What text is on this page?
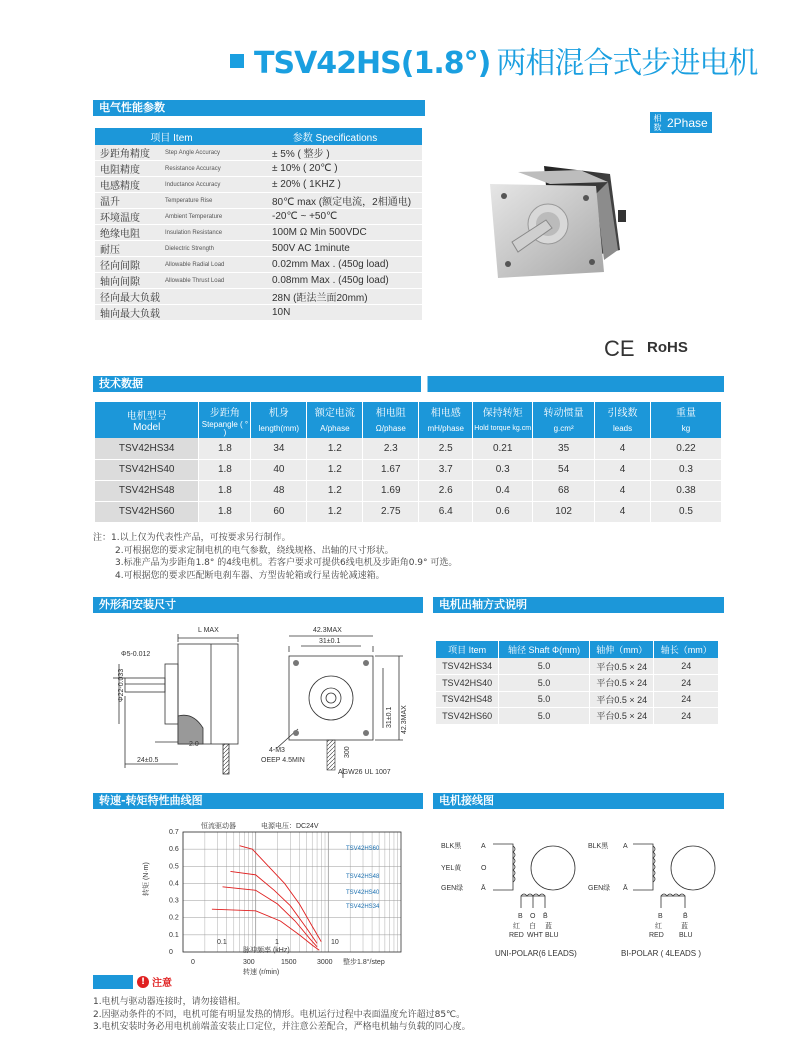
TSV42HS(1.8°) 两相混合式步进电机
电气性能参数
项目 Item		参数 Specifications
步距角精度	Step Angle Accuracy	± 5% ( 整步 )
电阻精度	Resistance Accuracy	± 10% ( 20℃ )
电感精度	Inductance Accuracy	± 20% ( 1KHZ )
温升	Temperature Rise	80℃ max (额定电流，2相通电)
环境温度	Ambient Temperature	-20℃ ~ +50℃
绝缘电阻	Insulation Resistance	100M Ω Min 500VDC
耐压	Dielectric Strength	500V AC 1minute
径向间隙	Allowable Radial Load	0.02mm Max . (450g load)
轴向间隙	Allowable Thrust Load	0.08mm Max . (450g load)
径向最大负载		28N (距法兰面20mm)
轴向最大负载		10N
相数 2Phase
CE RoHS
技术数据
电机型号
Model	步距角	机身	额定电流	相电阻	相电感	保持转矩	转动惯量	引线数	重量
	Stepangle ( ° )	length(mm)	A/phase	Ω/phase	mH/phase	Hold torque kg.cm	g.cm²	leads	kg
TSV42HS34	1.8	34	1.2	2.3	2.5	0.21	35	4	0.22
TSV42HS40	1.8	40	1.2	1.67	3.7	0.3	54	4	0.3
TSV42HS48	1.8	48	1.2	1.69	2.6	0.4	68	4	0.38
TSV42HS60	1.8	60	1.2	2.75	6.4	0.6	102	4	0.5
注：1.以上仅为代表性产品，可按要求另行制作。
2.可根据您的要求定制电机的电气参数，绕线规格、出轴的尺寸形状。
3.标准产品为步距角1.8° 的4线电机。若客户要求可提供6线电机及步距角0.9° 可选。
4.可根据您的要求匹配断电刹车器、方型齿轮箱或行星齿轮减速箱。
外形和安装尺寸
L MAX
Φ5-0.012
Φ22-0.033
2.0
24±0.5
42.3MAX
31±0.1
31±0.1 42.3MAX
4-M3
OEEP 4.5MIN
300
AGW26 UL 1007
电机出轴方式说明
项目 Item	轴径 Shaft Φ(mm)	轴伸（mm）	轴长（mm）
TSV42HS34	5.0	平台0.5 × 24	24
TSV42HS40	5.0	平台0.5 × 24	24
TSV42HS48	5.0	平台0.5 × 24	24
TSV42HS60	5.0	平台0.5 × 24	24
转速-转矩特性曲线图
恒流驱动器	电源电压：DC24V
0.7
0.6
0.5
0.4
0.3
0.2
0.1
0
转矩 (N·m)
0.1	1	10
脉冲频率 (kHz)
0	300	1500	3000 整步1.8°/step
转速 (r/min)
TSV42HS60
TSV42HS48
TSV42HS40
TSV42HS34
电机接线图
BLK黑
YEL黄
GEN绿
A
O
Ā
B O B̄
红 白 蓝
RED WHT BLU
UNI-POLAR(6 LEADS)
BLK黑
GEN绿
A
Ā
B	B̄
红	蓝
RED BLU
BI-POLAR ( 4LEADS )
! 注意
1.电机与驱动器连接时，请勿接错相。
2.因驱动条件的不同，电机可能有明显发热的情形。电机运行过程中表面温度允许超过85℃。
3.电机安装时务必用电机前端盖安装止口定位，并注意公差配合，严格电机轴与负载的同心度。
